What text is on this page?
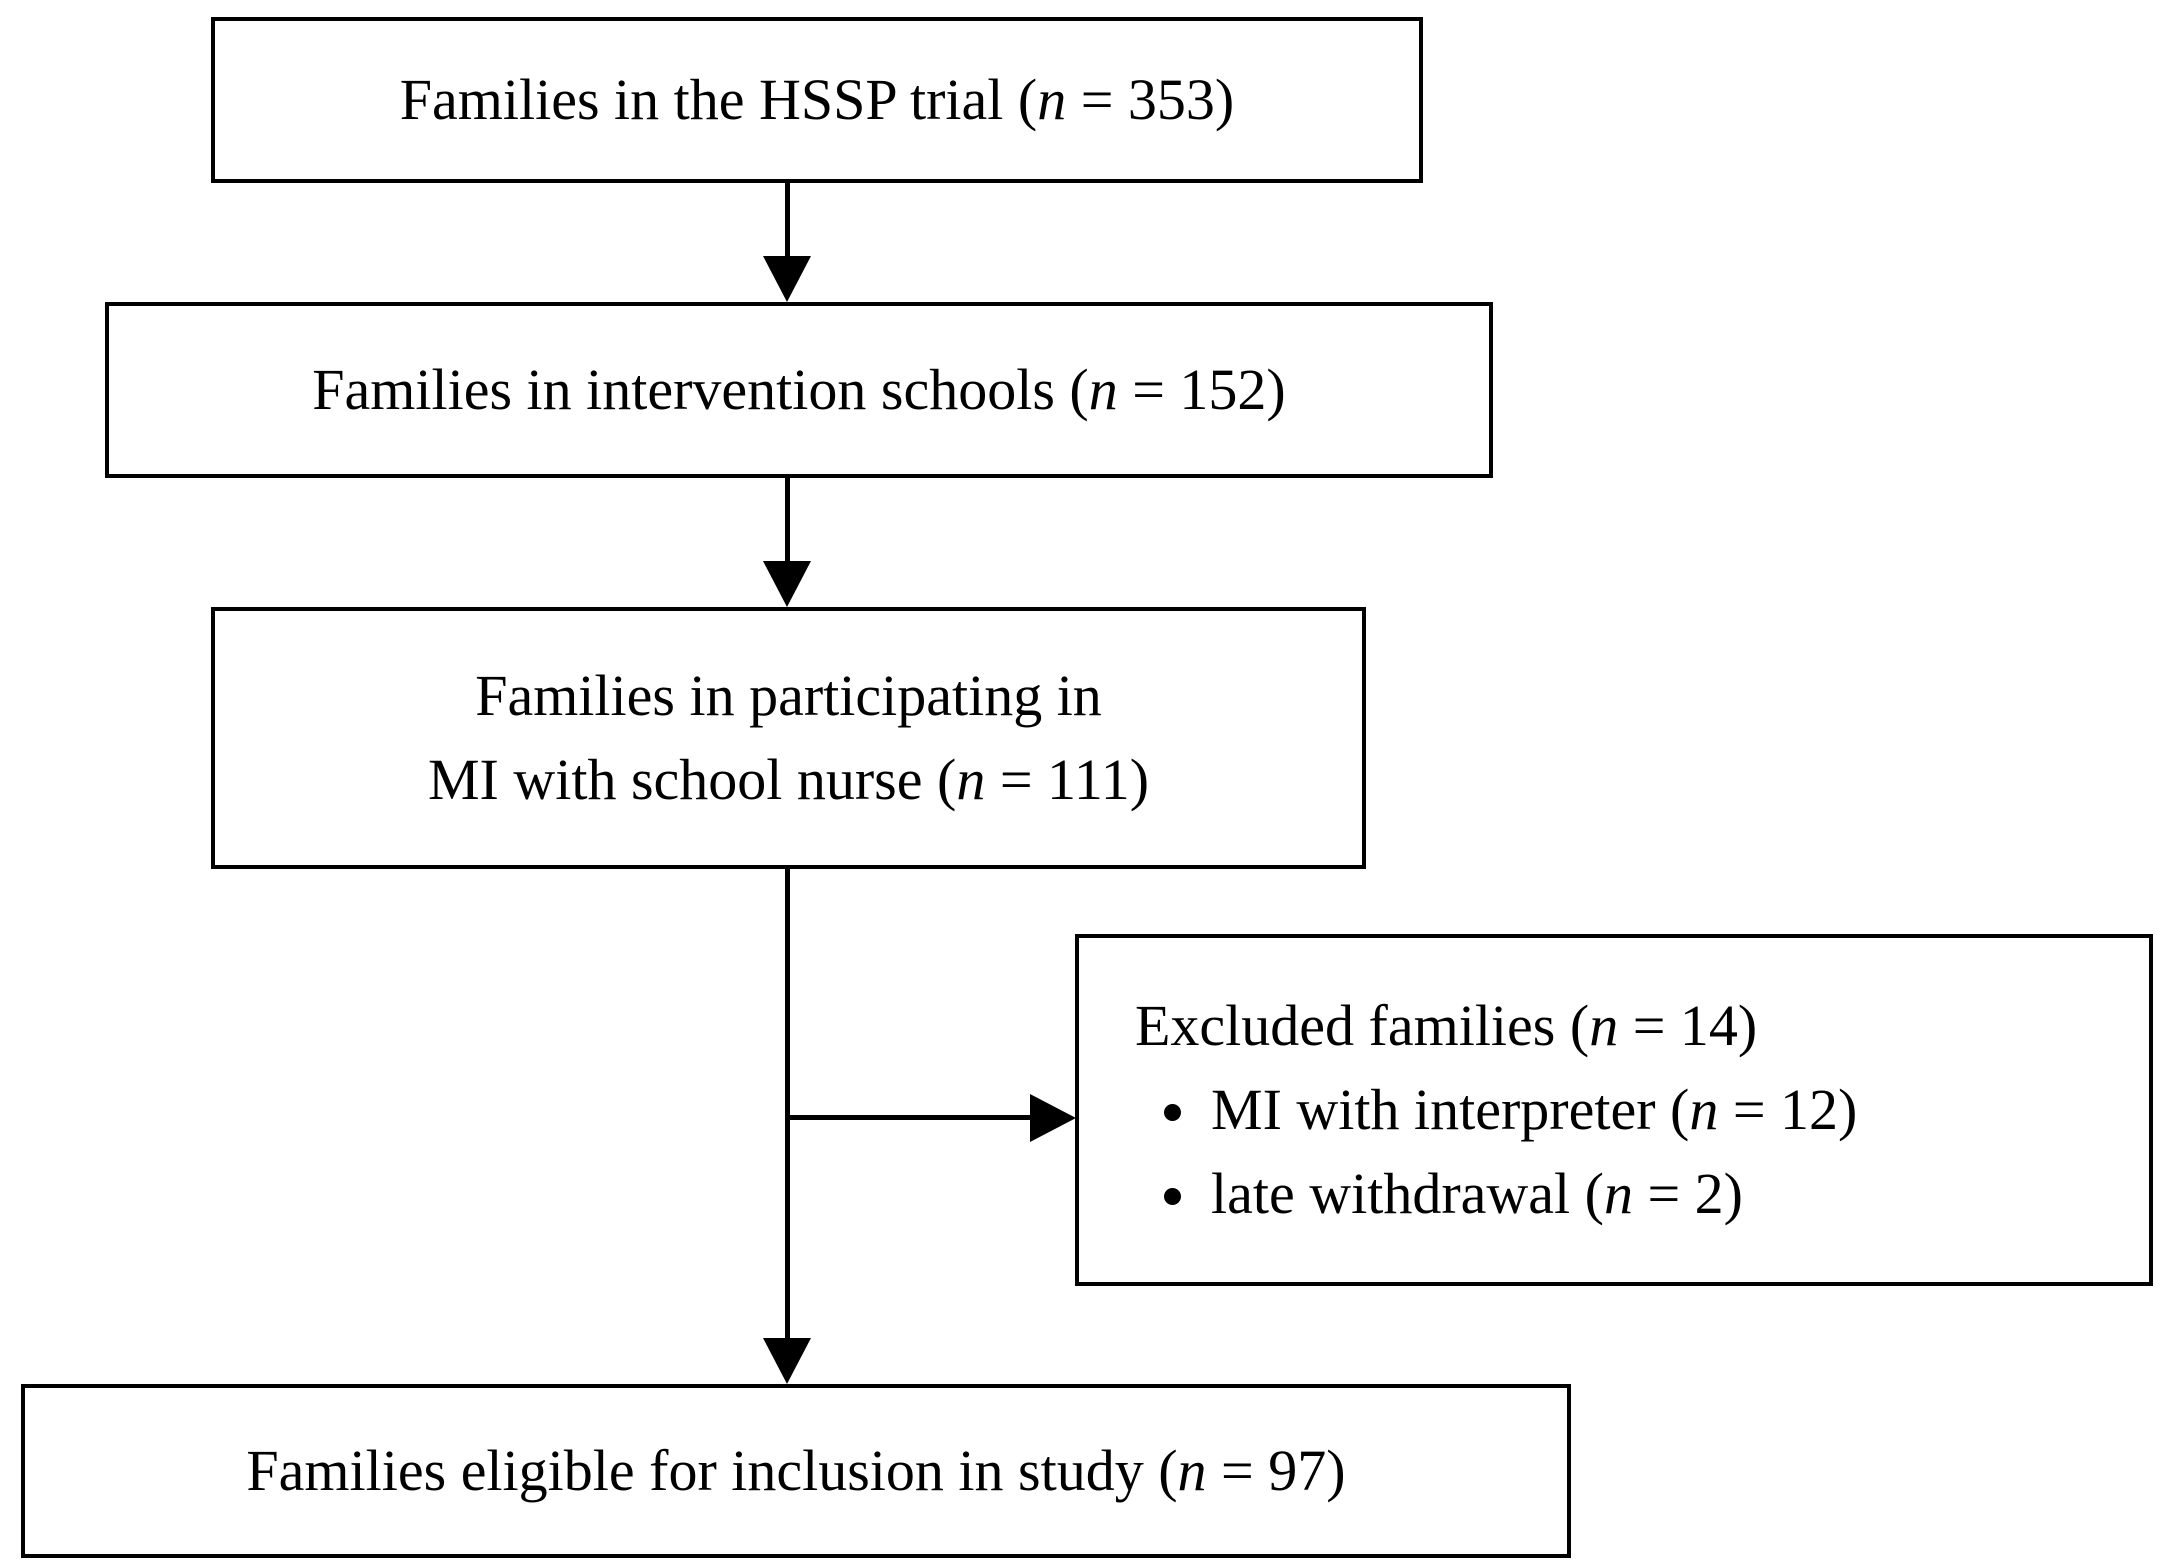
Families in the HSSP trial (n = 353)
Families in intervention schools (n = 152)
Families in participating in
MI with school nurse (n = 111)
Excluded families (n = 14)
• MI with interpreter (n = 12)
• late withdrawal (n = 2)
Families eligible for inclusion in study (n = 97)
